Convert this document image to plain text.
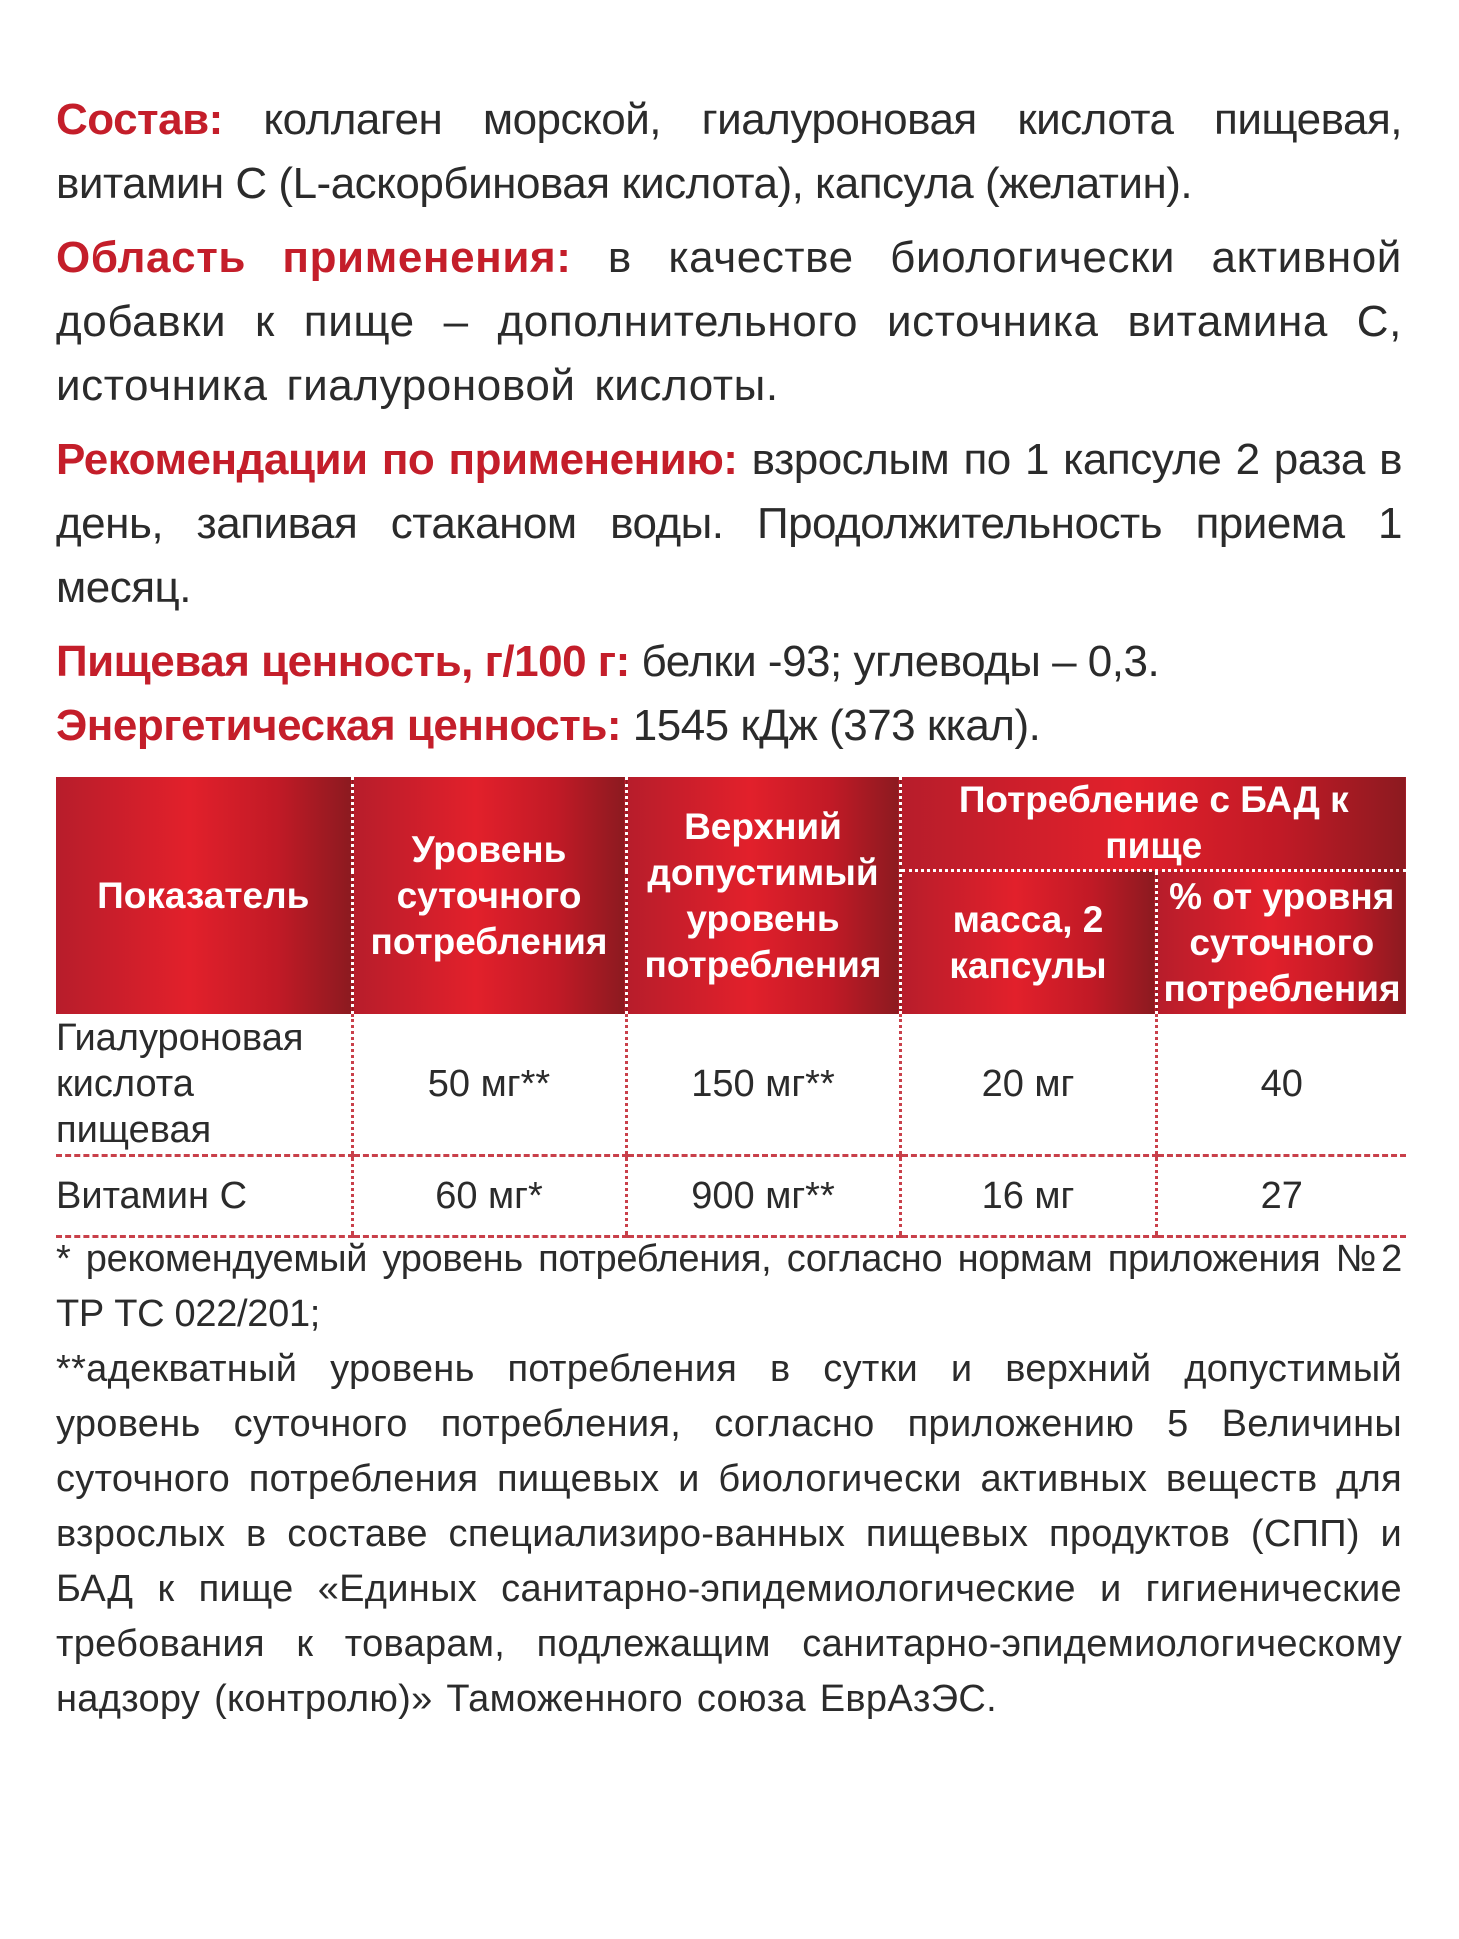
Состав: коллаген морской, гиалуроновая кислота пищевая, витамин С (L-аскорбиновая кислота), капсула (желатин).

Область применения: в качестве биологически активной добавки к пище – дополнительного источника витамина С, источника гиалуроновой кислоты.

Рекомендации по применению: взрослым по 1 капсуле 2 раза в день, запивая стаканом воды. Продолжительность приема 1 месяц.

Пищевая ценность, г/100 г: белки -93; углеводы – 0,3.

Энергетическая ценность: 1545 кДж (373 ккал).

Показатель	Уровень суточного потребления	Верхний допустимый уровень потребления	Потребление с БАД к пище	
			масса, 2 капсулы	% от уровня суточного потребления
Гиалуроновая кислота пищевая	50 мг**	150 мг**	20 мг	40
Витамин С	60 мг*	900 мг**	16 мг	27

* рекомендуемый уровень потребления, согласно нормам приложения №2 ТР ТС 022/201;

**адекватный уровень потребления в сутки и верхний допустимый уровень суточного потребления, согласно приложению 5 Величины суточного потребления пищевых и биологически активных веществ для взрослых в составе специализиро-ванных пищевых продуктов (СПП) и БАД к пище «Единых санитарно-эпидемиологические и гигиенические требования к товарам, подлежащим санитарно-эпидемиологическому надзору (контролю)» Таможенного союза ЕврАзЭС.
